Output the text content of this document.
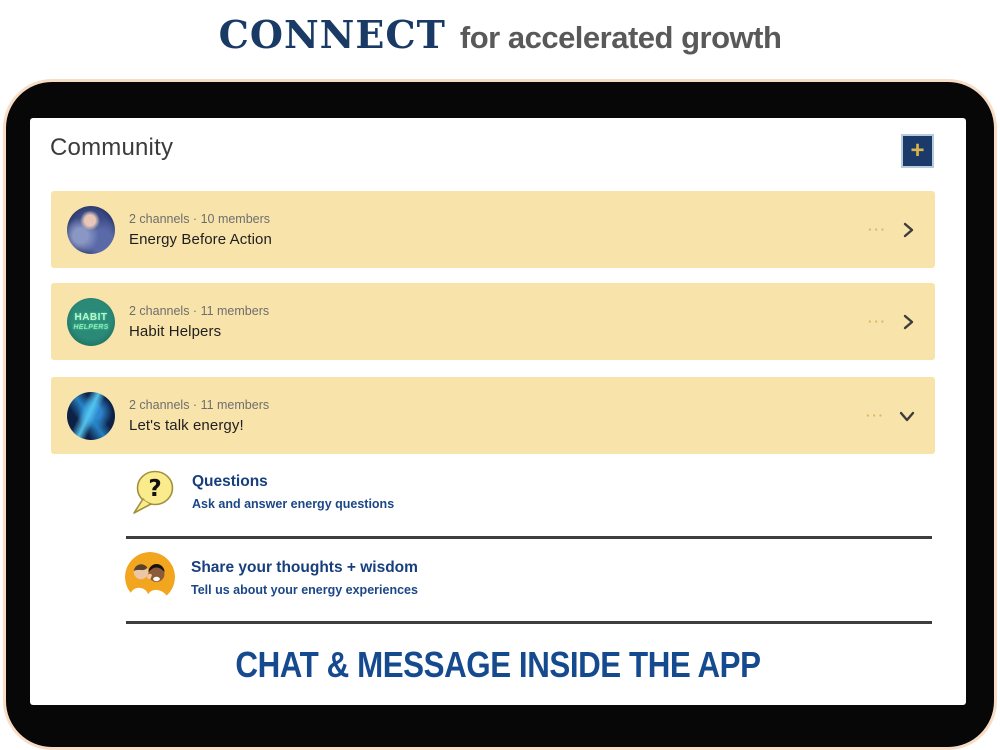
CONNECT for accelerated growth
Community	+
2 channels · 10 members
Energy Before Action
···
HABIT
HELPERS
2 channels · 11 members
Habit Helpers
···
2 channels · 11 members
Let's talk energy!
···
? Questions
Ask and answer energy questions
Share your thoughts + wisdom
Tell us about your energy experiences
CHAT & MESSAGE INSIDE THE APP
